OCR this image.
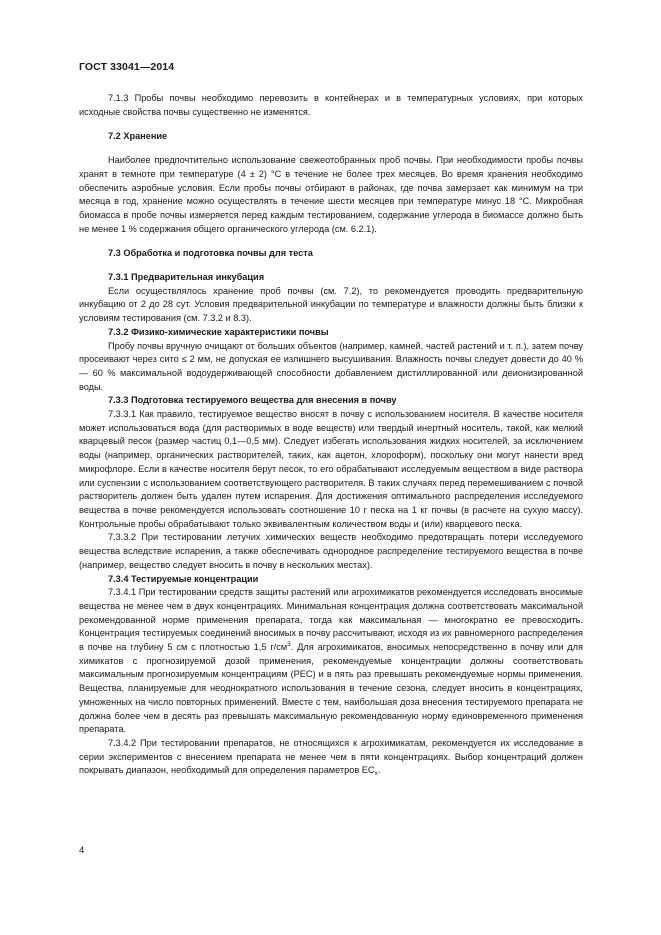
ГОСТ 33041—2014

7.1.3 Пробы почвы необходимо перевозить в контейнерах и в температурных условиях, при которых исходные свойства почвы существенно не изменятся.

7.2 Хранение

Наиболее предпочтительно использование свежеотобранных проб почвы. При необходимости пробы почвы хранят в темноте при температуре (4 ± 2) °С в течение не более трех месяцев. Во время хранения необходимо обеспечить аэробные условия. Если пробы почвы отбирают в районах, где почва замерзает как минимум на три месяца в год, хранение можно осуществлять в течение шести месяцев при температуре минус 18 °С. Микробная биомасса в пробе почвы измеряется перед каждым тестированием, содержание углерода в биомассе должно быть не менее 1 % содержания общего органического углерода (см. 6.2.1).

7.3 Обработка и подготовка почвы для теста
7.3.1 Предварительная инкубация

Если осуществлялось хранение проб почвы (см. 7.2), то рекомендуется проводить предварительную инкубацию от 2 до 28 сут. Условия предварительной инкубации по температуре и влажности должны быть близки к условиям тестирования (см. 7.3.2 и 8.3).

7.3.2 Физико-химические характеристики почвы

Пробу почвы вручную очищают от больших объектов (например, камней, частей растений и т. п.), затем почву просеивают через сито ≤ 2 мм, не допуская ее излишнего высушивания. Влажность почвы следует довести до 40 % — 60 % максимальной водоудерживающей способности добавлением дистиллированной или деионизированной воды.

7.3.3 Подготовка тестируемого вещества для внесения в почву

7.3.3.1 Как правило, тестируемое вещество вносят в почву с использованием носителя. В качестве носителя может использоваться вода (для растворимых в воде веществ) или твердый инертный носитель, такой, как мелкий кварцевый песок (размер частиц 0,1—0,5 мм). Следует избегать использования жидких носителей, за исключением воды (например, органических растворителей, таких, как ацетон, хлороформ), поскольку они могут нанести вред микрофлоре. Если в качестве носителя берут песок, то его обрабатывают исследуемым веществом в виде раствора или суспензии с использованием соответствующего растворителя. В таких случаях перед перемешиванием с почвой растворитель должен быть удален путем испарения. Для достижения оптимального распределения исследуемого вещества в почве рекомендуется использовать соотношение 10 г песка на 1 кг почвы (в расчете на сухую массу). Контрольные пробы обрабатывают только эквивалентным количеством воды и (или) кварцевого песка.

7.3.3.2 При тестировании летучих химических веществ необходимо предотвращать потери исследуемого вещества вследствие испарения, а также обеспечивать однородное распределение тестируемого вещества в почве (например, вещество следует вносить в почву в нескольких местах).

7.3.4 Тестируемые концентрации

7.3.4.1 При тестировании средств защиты растений или агрохимикатов рекомендуется исследовать вносимые вещества не менее чем в двух концентрациях. Минимальная концентрация должна соответствовать максимальной рекомендованной норме применения препарата, тогда как максимальная — многократно ее превосходить. Концентрация тестируемых соединений вносимых в почву рассчитывают, исходя из их равномерного распределения в почве на глубину 5 см с плотностью 1,5 $г/см^3$. Для агрохимикатов, вносимых непосредственно в почву или для химикатов с прогнозируемой дозой применения, рекомендуемые концентрации должны соответствовать максимальным прогнозируемым концентрациям (PEC) и в пять раз превышать рекомендуемые нормы применения. Вещества, планируемые для неоднократного использования в течение сезона, следует вносить в концентрациях, умноженных на число повторных применений. Вместе с тем, наибольшая доза внесения тестируемого препарата не должна более чем в десять раз превышать максимальную рекомендованную норму единовременного применения препарата.

7.3.4.2 При тестировании препаратов, не относящихся к агрохимикатам, рекомендуется их исследование в серии экспериментов с внесением препарата не менее чем в пяти концентрациях. Выбор концентраций должен покрывать диапазон, необходимый для определения параметров $EC_x$.

4
